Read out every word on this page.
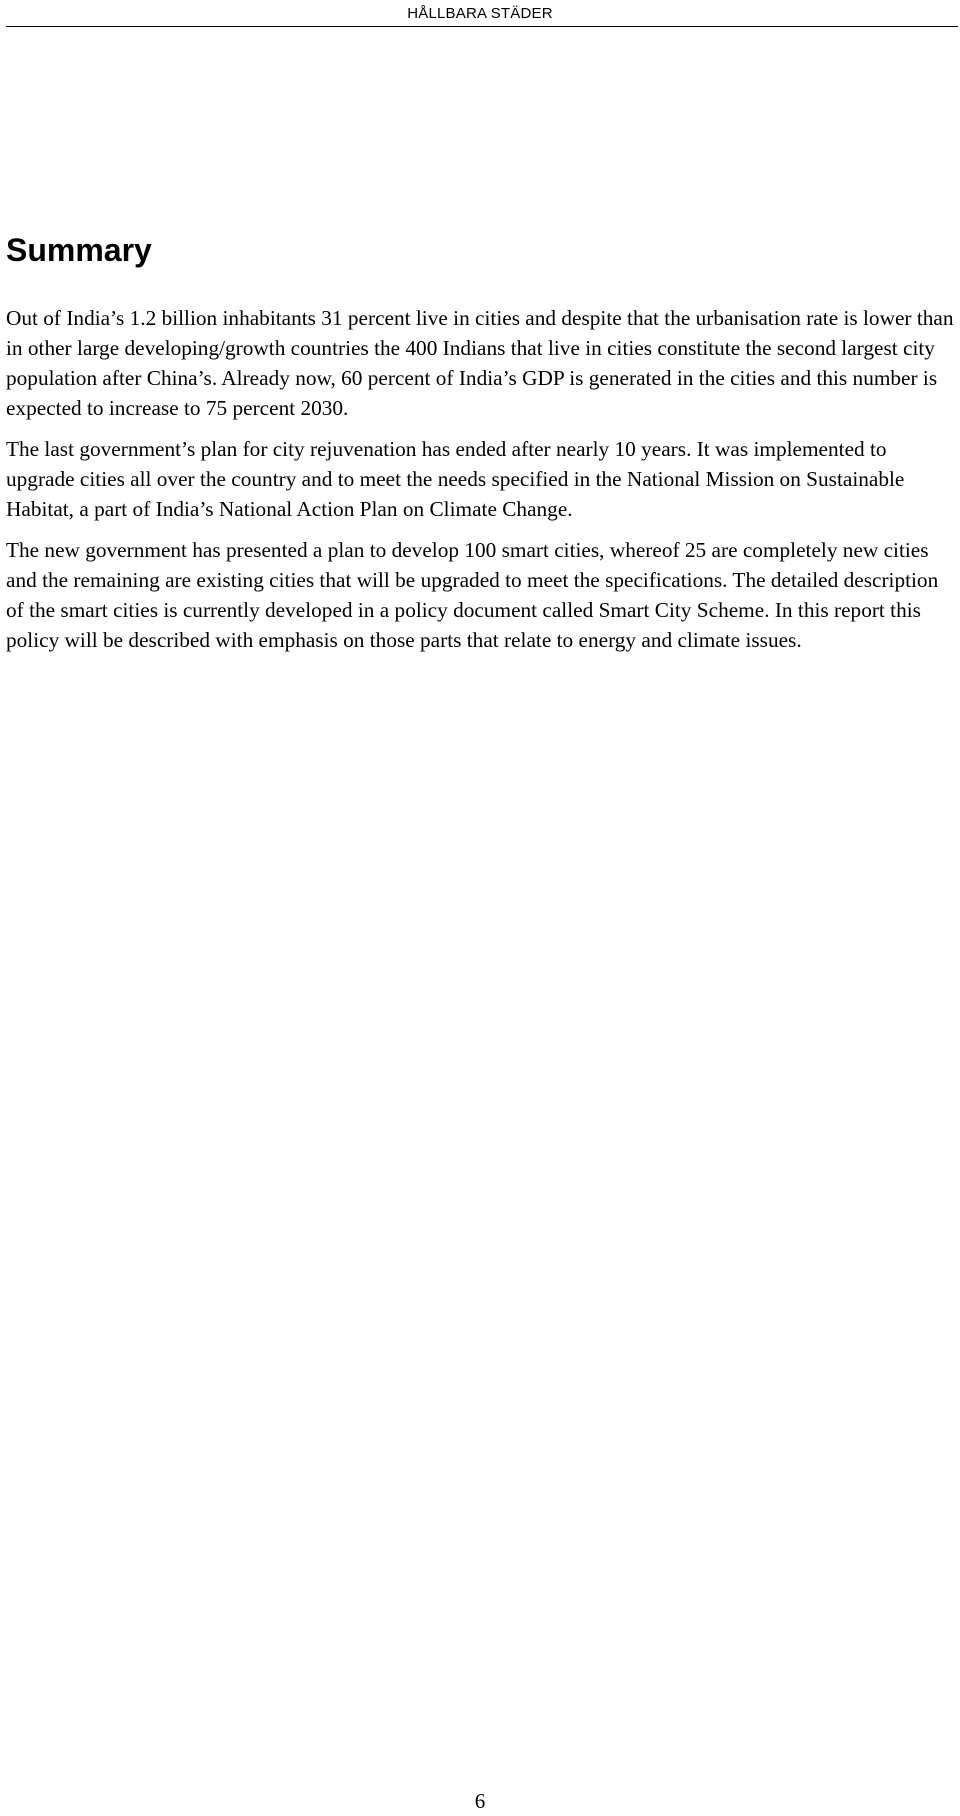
HÅLLBARA STÄDER
Summary

Out of India’s 1.2 billion inhabitants 31 percent live in cities and despite that the urbanisation rate is lower than in other large developing/growth countries the 400 Indians that live in cities constitute the second largest city population after China’s. Already now, 60 percent of India’s GDP is generated in the cities and this number is expected to increase to 75 percent 2030.

The last government’s plan for city rejuvenation has ended after nearly 10 years. It was implemented to upgrade cities all over the country and to meet the needs specified in the National Mission on Sustainable Habitat, a part of India’s National Action Plan on Climate Change.

The new government has presented a plan to develop 100 smart cities, whereof 25 are completely new cities and the remaining are existing cities that will be upgraded to meet the specifications. The detailed description of the smart cities is currently developed in a policy document called Smart City Scheme. In this report this policy will be described with emphasis on those parts that relate to energy and climate issues.

6
